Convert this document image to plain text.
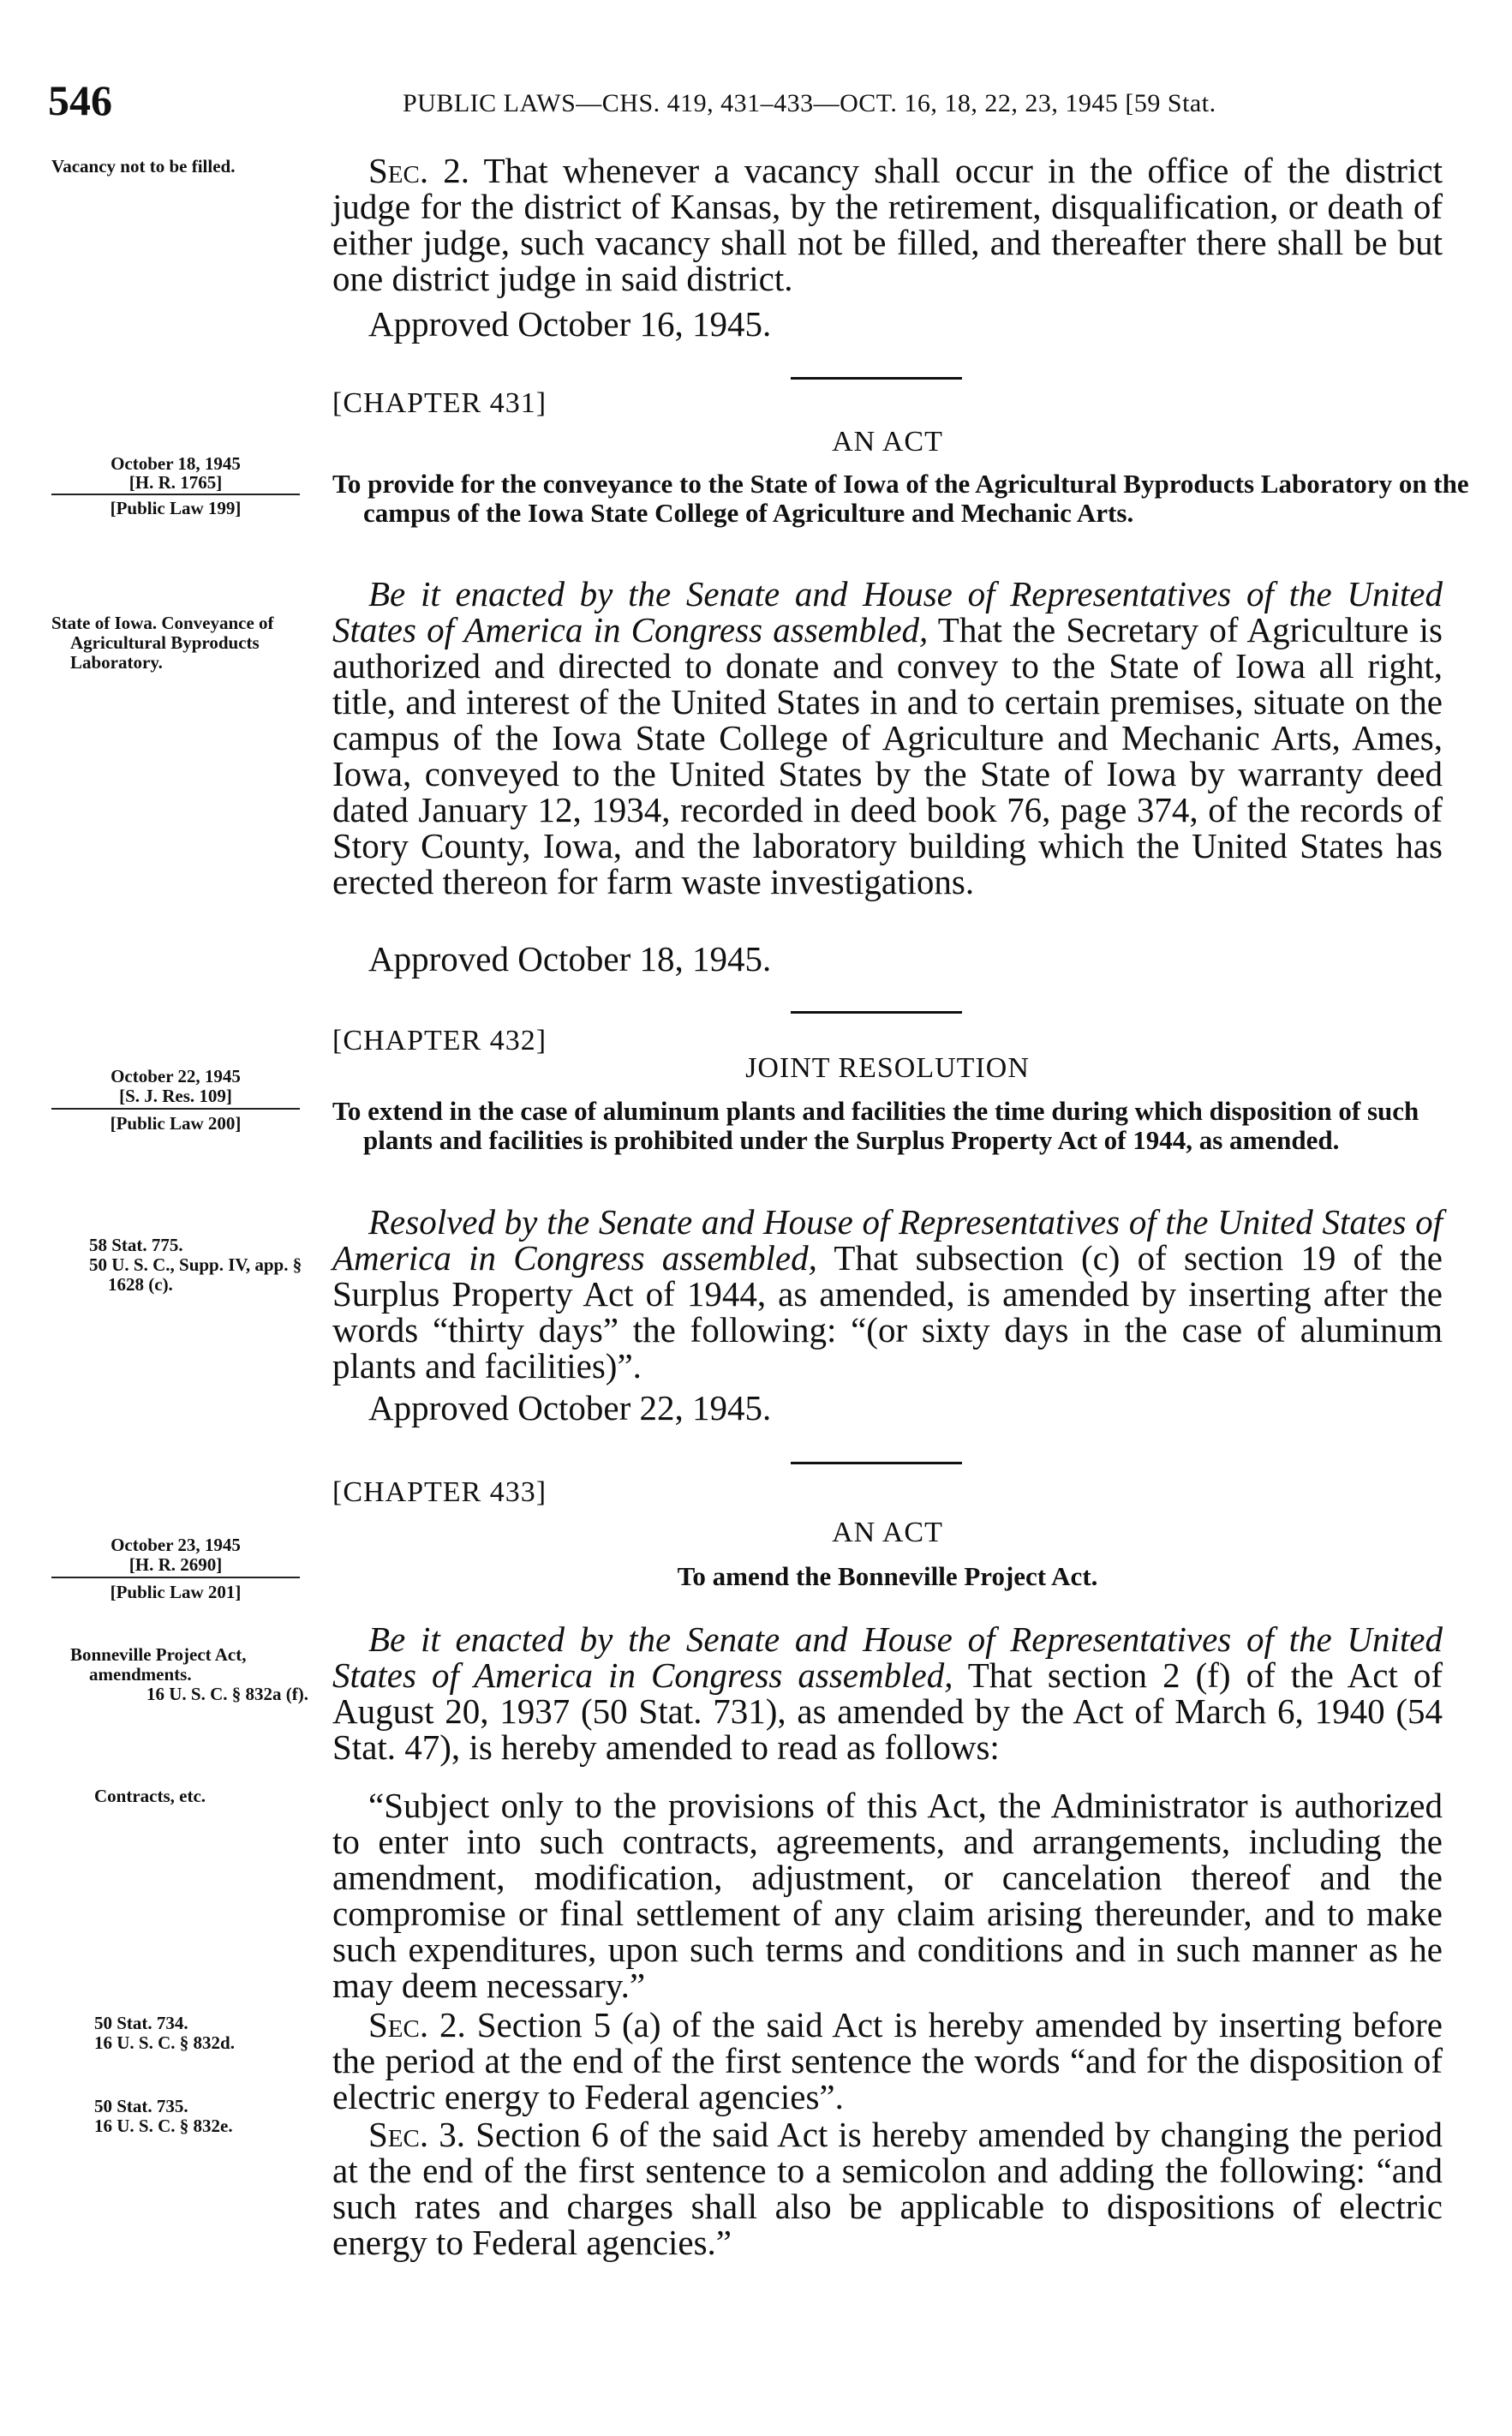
546	PUBLIC LAWS—CHS. 419, 431–433—OCT. 16, 18, 22, 23, 1945 [59 Stat.
Vacancy not to be filled.	Sec. 2. That whenever a vacancy shall occur in the office of the district judge for the district of Kansas, by the retirement, disqualification, or death of either judge, such vacancy shall not be filled, and thereafter there shall be but one district judge in said district.
Approved October 16, 1945.
[CHAPTER 431]
AN ACT
To provide for the conveyance to the State of Iowa of the Agricultural Byproducts Laboratory on the campus of the Iowa State College of Agriculture and Mechanic Arts.
October 18, 1945
[H. R. 1765]
[Public Law 199]
State of Iowa. Conveyance of Agricultural Byproducts Laboratory.
Be it enacted by the Senate and House of Representatives of the United States of America in Congress assembled, That the Secretary of Agriculture is authorized and directed to donate and convey to the State of Iowa all right, title, and interest of the United States in and to certain premises, situate on the campus of the Iowa State College of Agriculture and Mechanic Arts, Ames, Iowa, conveyed to the United States by the State of Iowa by warranty deed dated January 12, 1934, recorded in deed book 76, page 374, of the records of Story County, Iowa, and the laboratory building which the United States has erected thereon for farm waste investigations.
Approved October 18, 1945.
[CHAPTER 432]
JOINT RESOLUTION
To extend in the case of aluminum plants and facilities the time during which disposition of such plants and facilities is prohibited under the Surplus Property Act of 1944, as amended.
October 22, 1945
[S. J. Res. 109]
[Public Law 200]
58 Stat. 775.
50 U. S. C., Supp. IV, app. § 1628 (c).
Resolved by the Senate and House of Representatives of the United States of America in Congress assembled, That subsection (c) of section 19 of the Surplus Property Act of 1944, as amended, is amended by inserting after the words “thirty days” the following: “(or sixty days in the case of aluminum plants and facilities)”.
Approved October 22, 1945.
[CHAPTER 433]
AN ACT
To amend the Bonneville Project Act.
October 23, 1945
[H. R. 2690]
[Public Law 201]
Bonneville Project Act, amendments.
16 U. S. C. § 832a (f).
Contracts, etc.
50 Stat. 734.
16 U. S. C. § 832d.
50 Stat. 735.
16 U. S. C. § 832e.
Be it enacted by the Senate and House of Representatives of the United States of America in Congress assembled, That section 2 (f) of the Act of August 20, 1937 (50 Stat. 731), as amended by the Act of March 6, 1940 (54 Stat. 47), is hereby amended to read as follows:
“Subject only to the provisions of this Act, the Administrator is authorized to enter into such contracts, agreements, and arrangements, including the amendment, modification, adjustment, or cancelation thereof and the compromise or final settlement of any claim arising thereunder, and to make such expenditures, upon such terms and conditions and in such manner as he may deem necessary.”
Sec. 2. Section 5 (a) of the said Act is hereby amended by inserting before the period at the end of the first sentence the words “and for the disposition of electric energy to Federal agencies”.
Sec. 3. Section 6 of the said Act is hereby amended by changing the period at the end of the first sentence to a semicolon and adding the following: “and such rates and charges shall also be applicable to dispositions of electric energy to Federal agencies.”
